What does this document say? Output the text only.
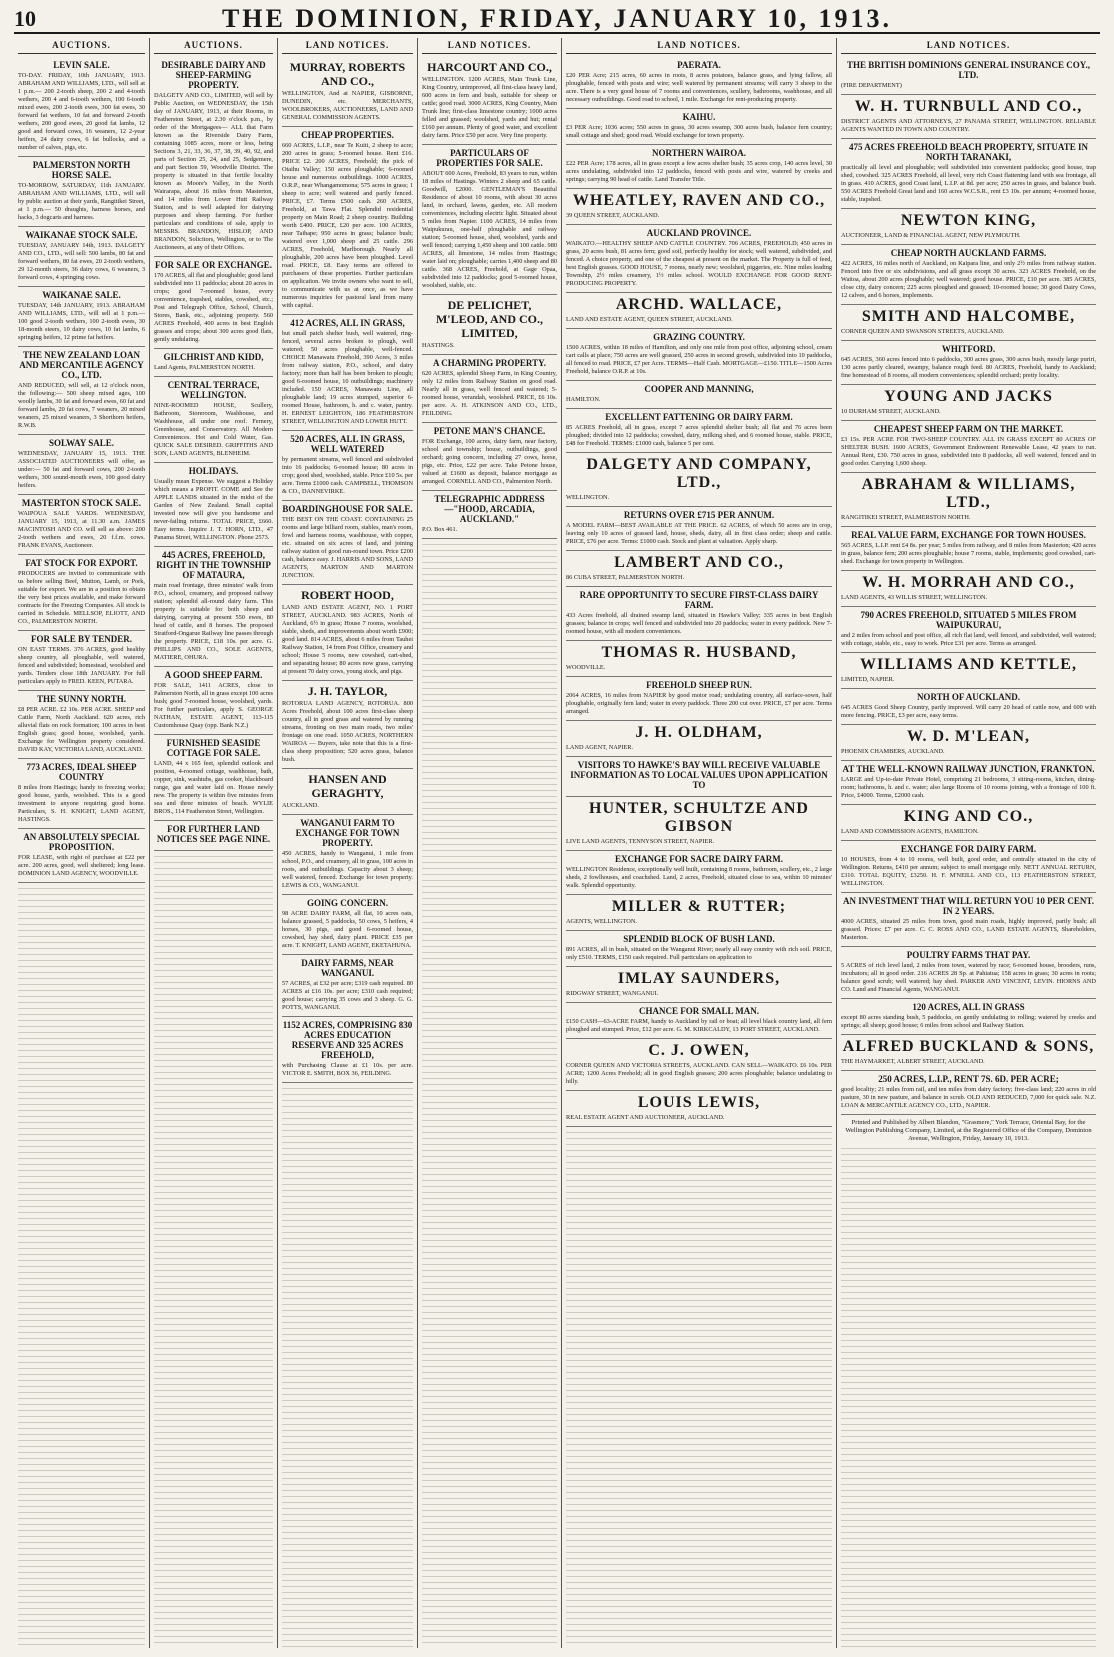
10	THE DOMINION, FRIDAY, JANUARY 10, 1913.
AUCTIONS.
LEVIN SALE.
TO-DAY. FRIDAY, 10th JANUARY, 1913. ABRAHAM AND WILLIAMS, LTD., will sell at 1 p.m.— 200 2-tooth sheep, 200 2 and 4-tooth wethers, 200 4 and 6-tooth wethers, 100 6-tooth mixed ewes, 200 2-tooth ewes, 300 fat ewes, 30 forward fat wethers, 10 fat and forward 2-tooth wethers, 200 good ewes, 20 good fat lambs, 12 good and forward cows, 16 weaners, 12 2-year heifers, 24 dairy cows, 6 fat bullocks, and a number of calves, pigs, etc.
PALMERSTON NORTH HORSE SALE.
TO-MORROW, SATURDAY, 11th JANUARY. ABRAHAM AND WILLIAMS, LTD., will sell by public auction at their yards, Rangitikei Street, at 1 p.m.— 50 draughts, harness horses, and hacks, 3 dogcarts and harness.
WAIKANAE STOCK SALE.
TUESDAY, JANUARY 14th, 1913. DALGETY AND CO., LTD., will sell: 500 lambs, 80 fat and forward wethers, 80 fat ewes, 20 2-tooth wethers, 29 12-month steers, 36 dairy cows, 6 weaners, 3 forward cows, 4 springing cows.
WAIKANAE SALE.
TUESDAY, 14th JANUARY, 1913. ABRAHAM AND WILLIAMS, LTD., will sell at 1 p.m.— 100 good 2-tooth wethers, 100 2-tooth ewes, 30 18-month steers, 10 dairy cows, 10 fat lambs, 6 springing heifers, 12 prime fat heifers.
THE NEW ZEALAND LOAN AND MERCANTILE AGENCY CO., LTD.
AND REDUCED, will sell, at 12 o'clock noon, the following:— 500 sheep mixed ages, 100 woolly lambs, 30 fat and forward ewes, 60 fat and forward lambs, 20 fat cows, 7 weaners, 20 mixed weaners, 25 mixed weaners, 3 Shorthorn heifers, R.W.B.
SOLWAY SALE.
WEDNESDAY, JANUARY 15, 1913. THE ASSOCIATED AUCTIONEERS will offer, as under:— 50 fat and forward cows, 200 2-tooth wethers, 300 sound-mouth ewes, 100 good dairy heifers.
MASTERTON STOCK SALE.
WAIPOUA SALE YARDS. WEDNESDAY, JANUARY 15, 1913, at 11.30 a.m. JAMES MACINTOSH AND CO. will sell as above: 200 2-tooth wethers and ewes, 20 f.f.m. cows. FRANK EVANS, Auctioneer.
FAT STOCK FOR EXPORT.
PRODUCERS are invited to communicate with us before selling Beef, Mutton, Lamb, or Pork, suitable for export. We are in a position to obtain the very best prices available, and make forward contracts for the Freezing Companies. All stock is carried in Schedule. MELLSOP, ELIOTT, AND CO., PALMERSTON NORTH.
FOR SALE BY TENDER.
ON EAST TERMS. 376 ACRES, good healthy sheep country, all ploughable, well watered, fenced and subdivided; homestead, woolshed and yards. Tenders close 18th JANUARY. For full particulars apply to FRED. KEEN, PUTARA.
THE SUNNY NORTH.
£8 PER ACRE. £2 10s. PER ACRE. SHEEP and Cattle Farm, North Auckland. 620 acres, rich alluvial flats on rock formation; 100 acres in best English grass; good house, woolshed, yards. Exchange for Wellington property considered. DAVID KAY, VICTORIA LAND, AUCKLAND.
773 ACRES, IDEAL SHEEP COUNTRY
8 miles from Hastings; handy to freezing works; good house, yards, woolshed. This is a good investment to anyone requiring good home. Particulars, S. H. KNIGHT, LAND AGENT, HASTINGS.
AN ABSOLUTELY SPECIAL PROPOSITION.
FOR LEASE, with right of purchase at £22 per acre. 200 acres, good, well sheltered; long lease. DOMINION LAND AGENCY, WOODVILLE.
AUCTIONS.
DESIRABLE DAIRY AND SHEEP-FARMING PROPERTY.
DALGETY AND CO., LIMITED, will sell by Public Auction, on WEDNESDAY, the 15th day of JANUARY, 1913, at their Rooms, in Featherston Street, at 2.30 o'clock p.m., by order of the Mortgagees— ALL that Farm known as the Riverside Dairy Farm, containing 1085 acres, more or less, being Sections 3, 21, 33, 36, 37, 38, 39, 40, 92, and parts of Section 25, 24, and 25, Sedgemere, and part Section 59, Woodville District. The property is situated in that fertile locality known as Moore's Valley, in the North Wairarapa, about 16 miles from Masterton, and 14 miles from Lower Hutt Railway Station, and is well adapted for dairying purposes and sheep farming. For further particulars and conditions of sale, apply to MESSRS. BRANDON, HISLOP, AND BRANDON, Solicitors, Wellington, or to The Auctioneers, at any of their Offices.
FOR SALE OR EXCHANGE.
170 ACRES, all flat and ploughable; good land subdivided into 11 paddocks; about 20 acres in crops; good 7-roomed house, every convenience, trapshed, stables, cowshed, etc.; Post and Telegraph Office, School, Church, Stores, Bank, etc., adjoining property. 560 ACRES Freehold, 400 acres in best English grasses and crops; about 300 acres good flats, gently undulating.
GILCHRIST AND KIDD,
Land Agents, PALMERSTON NORTH.
CENTRAL TERRACE, WELLINGTON.
NINE-ROOMED HOUSE, Scullery, Bathroom, Storeroom, Washhouse, and Washhouse, all under one roof. Fernery, Greenhouse, and Conservatory. All Modern Conveniences. Hot and Cold Water, Gas. QUICK SALE DESIRED. GRIFFITHS AND SON, LAND AGENTS, BLENHEIM.
HOLIDAYS.
Usually mean Expense. We suggest a Holiday which means a PROFIT. COME and See the APPLE LANDS situated in the midst of the Garden of New Zealand. Small capital invested now will give you handsome and never-failing returns. TOTAL PRICE, £660. Easy terms. Inquire J. T. HORN, LTD., 47 Panama Street, WELLINGTON. Phone 2573.
445 ACRES, FREEHOLD, RIGHT IN THE TOWNSHIP OF MATAURA,
main road frontage, three minutes' walk from P.O., school, creamery, and proposed railway station; splendid all-round dairy farm. This property is suitable for both sheep and dairying, carrying at present 550 ewes, 80 head of cattle, and 8 horses. The proposed Stratford-Ongarue Railway line passes through the property. PRICE, £18 10s. per acre. G. PHILLIPS AND CO., SOLE AGENTS, MATIERE, OHURA.
A GOOD SHEEP FARM.
FOR SALE, 1411 ACRES, close to Palmerston North, all in grass except 100 acres bush; good 7-roomed house, woolshed, yards. For further particulars, apply S. GEORGE NATHAN, ESTATE AGENT, 113-115 Customhouse Quay (opp. Bank N.Z.)
FURNISHED SEASIDE COTTAGE FOR SALE.
LAND, 44 x 165 feet, splendid outlook and position, 4-roomed cottage, washhouse, bath, copper, sink, washtubs, gas cooker, blackboard range, gas and water laid on. House newly new. The property is within five minutes from sea and three minutes of beach. WYLIE BROS., 114 Featherston Street, Wellington.
FOR FURTHER LAND NOTICES SEE PAGE NINE.
LAND NOTICES.
MURRAY, ROBERTS AND CO.,
WELLINGTON, And at NAPIER, GISBORNE, DUNEDIN, etc. MERCHANTS, WOOLBROKERS, AUCTIONEERS, LAND AND GENERAL COMMISSION AGENTS.
CHEAP PROPERTIES.
660 ACRES, L.I.P., near Te Kuiti, 2 sheep to acre; 200 acres in grass; 5-roomed house. Rent £16. PRICE £2. 200 ACRES, Freehold; the pick of Otaihu Valley; 150 acres ploughable; 6-roomed house and numerous outbuildings. 1000 ACRES, O.R.P., near Whangamomona; 575 acres in grass; 1 sheep to acre; well watered and partly fenced. PRICE, £7. Terms £500 cash. 260 ACRES, Freehold, at Tawa Flat. Splendid residential property on Main Road; 2 sheep country. Building worth £400. PRICE, £20 per acre. 100 ACRES, near Taihape; 950 acres in grass; balance bush; watered over 1,000 sheep and 25 cattle. 296 ACRES, Freehold, Marlborough. Nearly all ploughable, 200 acres have been ploughed. Level road. PRICE, £8. Easy terms are offered to purchasers of these properties. Further particulars on application. We invite owners who want to sell, to communicate with us at once, as we have numerous inquiries for pastoral land from many with capital.
412 ACRES, ALL IN GRASS,
but small patch shelter bush, well watered, ring-fenced, several acres broken to plough, well watered; 50 acres ploughable, well-fenced. CHOICE Manawatu Freehold, 390 Acres, 3 miles from railway station, P.O., school, and dairy factory; more than half has been broken to plough; good 6-roomed house, 10 outbuildings; machinery included. 150 ACRES, Manawatu Line, all ploughable land; 19 acres stumped, superior 6-roomed House, bathroom, h. and c. water, pantry. H. ERNEST LEIGHTON, 186 FEATHERSTON STREET, WELLINGTON AND LOWER HUTT.
520 ACRES, ALL IN GRASS, WELL WATERED
by permanent streams, well fenced and subdivided into 16 paddocks; 6-roomed house; 80 acres in crop; good shed, woolshed, stable. Price £10 5s. per acre. Terms £1000 cash. CAMPBELL, THOMSON & CO., DANNEVIRKE.
BOARDINGHOUSE FOR SALE.
THE BEST ON THE COAST. CONTAINING 25 rooms and large billiard room, stables, man's room, fowl and harness rooms, washhouse, with copper, etc. situated on six acres of land, and joining railway station of good run-round town. Price £200 cash, balance easy. J. HARRIS AND SONS, LAND AGENTS, MARTON AND MARTON JUNCTION.
ROBERT HOOD,
LAND AND ESTATE AGENT, NO. 1 PORT STREET, AUCKLAND. 983 ACRES, North of Auckland, 6½ in grass; House 7 rooms, woolshed, stable, sheds, and improvements about worth £900; good land. 814 ACRES, about 6 miles from Tauhei Railway Station, 14 from Post Office, creamery and school; House 5 rooms, new cowshed, cart-shed, and separating house; 80 acres now grass, carrying at present 70 dairy cows, young stock, and pigs.
J. H. TAYLOR,
ROTORUA LAND AGENCY, ROTORUA. 800 Acres Freehold, about 100 acres first-class sheep country, all in good grass and watered by running streams, fronting on two main roads, two miles' frontage on one road. 1050 ACRES, NORTHERN WAIROA — Buyers, take note that this is a first-class sheep proposition; 520 acres grass, balance bush.
HANSEN AND GERAGHTY,
AUCKLAND.
WANGANUI FARM TO EXCHANGE FOR TOWN PROPERTY.
450 ACRES, handy to Wanganui, 1 mile from school, P.O., and creamery, all in grass, 100 acres in roots, and outbuildings. Capacity about 3 sheep; well watered, fenced. Exchange for town property. LEWIS & CO., WANGANUI.
GOING CONCERN.
98 ACRE DAIRY FARM, all flat, 10 acres oats, balance grassed, 5 paddocks, 50 cows, 5 heifers, 4 horses, 30 pigs, and good 6-roomed house, cowshed, hay shed, dairy plant. PRICE £35 per acre. T. KNIGHT, LAND AGENT, EKETAHUNA.
DAIRY FARMS, NEAR WANGANUI.
57 ACRES, at £32 per acre; £319 cash required. 80 ACRES at £16 10s. per acre; £310 cash required; good house; carrying 35 cows and 3 sheep. G. G. POTTS, WANGANUI.
1152 ACRES, COMPRISING 830 ACRES EDUCATION RESERVE AND 325 ACRES FREEHOLD,
with Purchasing Clause at £1 10s. per acre. VICTOR E. SMITH, BOX 36, FEILDING.
LAND NOTICES.
HARCOURT AND CO.,
WELLINGTON. 1200 ACRES, Main Trunk Line, King Country, unimproved, all first-class heavy land, 600 acres in fern and bush, suitable for sheep or cattle; good road. 3000 ACRES, King Country, Main Trunk line; first-class limestone country; 1000 acres felled and grassed; woolshed, yards and hut; rental £160 per annum. Plenty of good water, and excellent dairy farm. Price £50 per acre. Very fine property.
PARTICULARS OF PROPERTIES FOR SALE.
ABOUT 600 Acres, Freehold, 83 years to run, within 18 miles of Hastings. Winters 2 sheep and 65 cattle. Goodwill, £2000. GENTLEMAN'S Beautiful Residence of about 10 rooms, with about 30 acres land, in orchard, lawns, garden, etc. All modern conveniences, including electric light. Situated about 5 miles from Napier. 1100 ACRES, 14 miles from Waipukurau, one-half ploughable and railway station; 5-roomed house, shed, woolshed, yards and well fenced; carrying 1,450 sheep and 100 cattle. 980 ACRES, all limestone, 14 miles from Hastings; water laid on; ploughable; carries 1,400 sheep and 80 cattle. 368 ACRES, Freehold, at Gage Opaa, subdivided into 12 paddocks; good 5-roomed house, woolshed, stable, etc.
DE PELICHET, M'LEOD, AND CO., LIMITED,
HASTINGS.
A CHARMING PROPERTY.
620 ACRES, splendid Sheep Farm, in King Country, only 12 miles from Railway Station on good road. Nearly all in grass, well fenced and watered; 5-roomed house, verandah, woolshed. PRICE, £6 10s. per acre. A. H. ATKINSON AND CO., LTD., FEILDING.
PETONE MAN'S CHANCE.
FOR Exchange, 100 acres, dairy farm, near factory, school and township; house, outbuildings, good orchard; going concern, including 27 cows, horse, pigs, etc. Price, £22 per acre. Take Petone house, valued at £1600 as deposit, balance mortgage as arranged. CORNELL AND CO., Palmerston North.
TELEGRAPHIC ADDRESS—"HOOD, ARCADIA, AUCKLAND."
P.O. Box 461.
LAND NOTICES.
PAERATA.
£20 PER Acre; 215 acres, 60 acres in roots, 8 acres potatoes, balance grass, and lying fallow, all ploughable, fenced with posts and wire; well watered by permanent streams; will carry 3 sheep to the acre. There is a very good house of 7 rooms and conveniences, scullery, bathrooms, washhouse, and all necessary outbuildings. Good road to school, 1 mile. Exchange for rent-producing property.
KAIHU.
£3 PER Acre; 1036 acres; 550 acres in grass, 30 acres swamp, 300 acres bush, balance fern country; small cottage and shed; good road. Would exchange for town property.
NORTHERN WAIROA.
£22 PER Acre; 178 acres, all in grass except a few acres shelter bush; 35 acres crop, 140 acres level, 30 acres undulating, subdivided into 12 paddocks, fenced with posts and wire, watered by creeks and springs; carrying 90 head of cattle. Land Transfer Title.
WHEATLEY, RAVEN AND CO.,
39 QUEEN STREET, AUCKLAND.
AUCKLAND PROVINCE.
WAIKATO.—HEALTHY SHEEP AND CATTLE COUNTRY. 706 ACRES, FREEHOLD; 450 acres in grass, 20 acres bush, 81 acres fern; good soil, perfectly healthy for stock; well watered, subdivided, and fenced. A choice property, and one of the cheapest at present on the market. The Property is full of feed, best English grasses. GOOD HOUSE, 7 rooms, nearly new; woolshed, piggeries, etc. Nine miles leading Township, 2½ miles creamery, 1½ miles school. WOULD EXCHANGE FOR GOOD RENT-PRODUCING PROPERTY.
ARCHD. WALLACE,
LAND AND ESTATE AGENT, QUEEN STREET, AUCKLAND.
GRAZING COUNTRY.
1500 ACRES, within 18 miles of Hamilton, and only one mile from post office, adjoining school, cream cart calls at place; 750 acres are well grassed, 250 acres in second growth, subdivided into 10 paddocks, all fenced to road. PRICE, £7 per Acre. TERMS—Half Cash. MORTGAGE—£150. TITLE—1500 Acres Freehold, balance O.R.P. at 10s.
COOPER AND MANNING,
HAMILTON.
EXCELLENT FATTENING OR DAIRY FARM.
85 ACRES Freehold, all in grass, except 7 acres splendid shelter bush; all flat and 76 acres been ploughed; divided into 12 paddocks; cowshed, dairy, milking shed, and 6 roomed house, stable. PRICE, £48 for Freehold. TERMS: £1000 cash, balance 5 per cent.
DALGETY AND COMPANY, LTD.,
WELLINGTON.
RETURNS OVER £715 PER ANNUM.
A MODEL FARM—BEST AVAILABLE AT THE PRICE. 62 ACRES, of which 50 acres are in crop, leaving only 10 acres of grassed land, house, sheds, dairy, all in first class order; sheep and cattle. PRICE, £76 per acre. Terms: £1000 cash. Stock and plant at valuation. Apply sharp.
LAMBERT AND CO.,
86 CUBA STREET, PALMERSTON NORTH.
RARE OPPORTUNITY TO SECURE FIRST-CLASS DAIRY FARM.
433 Acres freehold, all drained swamp land, situated in Hawke's Valley; 335 acres in best English grasses; balance in crops; well fenced and subdivided into 20 paddocks; water in every paddock. New 7-roomed house, with all modern conveniences.
THOMAS R. HUSBAND,
WOODVILLE.
FREEHOLD SHEEP RUN.
2064 ACRES, 16 miles from NAPIER by good motor road; undulating country, all surface-sown, half ploughable, originally fern land; water in every paddock. Three 200 cut over. PRICE, £7 per acre. Terms arranged.
J. H. OLDHAM,
LAND AGENT, NAPIER.
VISITORS TO HAWKE'S BAY WILL RECEIVE VALUABLE INFORMATION AS TO LOCAL VALUES UPON APPLICATION TO
HUNTER, SCHULTZE AND GIBSON
LIVE LAND AGENTS, TENNYSON STREET, NAPIER.
EXCHANGE FOR SACRE DAIRY FARM.
WELLINGTON Residence, exceptionally well built, containing 8 rooms, bathroom, scullery, etc., 2 large sheds, 2 fowlhouses, and coachshed. Land, 2 acres, Freehold, situated close to sea, within 10 minutes' walk. Splendid opportunity.
MILLER & RUTTER;
AGENTS, WELLINGTON.
SPLENDID BLOCK OF BUSH LAND.
891 ACRES, all in bush, situated on the Wanganui River; nearly all easy country with rich soil. PRICE, only £510. TERMS, £150 cash required. Full particulars on application to
IMLAY SAUNDERS,
RIDGWAY STREET, WANGANUI.
CHANCE FOR SMALL MAN.
£150 CASH—63-ACRE FARM, handy to Auckland by rail or boat; all level black country land, all fern ploughed and stumped. Price, £12 per acre. G. M. KIRKCALDY, 13 PORT STREET, AUCKLAND.
C. J. OWEN,
CORNER QUEEN AND VICTORIA STREETS, AUCKLAND. CAN SELL—WAIKATO. £6 10s. PER ACRE; 1200 Acres Freehold; all in good English grasses; 200 acres ploughable; balance undulating to hilly.
LOUIS LEWIS,
REAL ESTATE AGENT AND AUCTIONEER, AUCKLAND.
LAND NOTICES.
THE BRITISH DOMINIONS GENERAL INSURANCE COY., LTD.
(FIRE DEPARTMENT)
W. H. TURNBULL AND CO.,
DISTRICT AGENTS AND ATTORNEYS, 27 PANAMA STREET, WELLINGTON. RELIABLE AGENTS WANTED IN TOWN AND COUNTRY.
475 ACRES FREEHOLD BEACH PROPERTY, SITUATE IN NORTH TARANAKI,
practically all level and ploughable; well subdivided into convenient paddocks; good house, trap shed, cowshed. 325 ACRES Freehold, all level, very rich Coast flattening land with sea frontage, all in grass. 410 ACRES, good Coast land, L.I.P. at 8d. per acre; 250 acres in grass, and balance bush. 550 ACRES Freehold Great land and 160 acres W.C.S.R., rent £3 10s. per annum; 4-roomed house, stable, trapshed.
NEWTON KING,
AUCTIONEER, LAND & FINANCIAL AGENT, NEW PLYMOUTH.
CHEAP NORTH AUCKLAND FARMS.
422 ACRES, 16 miles north of Auckland, on Kaipara line, and only 2½ miles from railway station. Fenced into five or six subdivisions, and all grass except 30 acres. 323 ACRES Freehold, on the Waitoa, about 200 acres ploughable; well watered; good house. PRICE, £10 per acre. 385 ACRES, close city, dairy concern; 225 acres ploughed and grassed; 10-roomed house; 30 good Dairy Cows, 12 calves, and 6 horses, implements.
SMITH AND HALCOMBE,
CORNER QUEEN AND SWANSON STREETS, AUCKLAND.
WHITFORD.
645 ACRES, 360 acres fenced into 6 paddocks, 300 acres grass, 300 acres bush, mostly large puriri, 130 acres partly cleared, swampy, balance rough feed. 80 ACRES, Freehold, handy to Auckland; fine homestead of 8 rooms, all modern conveniences; splendid orchard; pretty locality.
YOUNG AND JACKS
10 DURHAM STREET, AUCKLAND.
CHEAPEST SHEEP FARM ON THE MARKET.
£3 15s. PER ACRE FOR TWO-SHEEP COUNTRY. ALL IN GRASS EXCEPT 80 ACRES OF SHELTER BUSH. 1600 ACRES, Government Endowment Renewable Lease, 42 years to run. Annual Rent, £30. 750 acres in grass, subdivided into 8 paddocks, all well watered, fenced and in good order. Carrying 1,600 sheep.
ABRAHAM & WILLIAMS, LTD.,
RANGITIKEI STREET, PALMERSTON NORTH.
REAL VALUE FARM, EXCHANGE FOR TOWN HOUSES.
565 ACRES, L.I.P. rent £4 8s. per year; 5 miles from railway, and 8 miles from Masterton; 420 acres in grass, balance fern; 200 acres ploughable; house 7 rooms, stable, implements; good cowshed, cart-shed. Exchange for town property in Wellington.
W. H. MORRAH AND CO.,
LAND AGENTS, 43 WILLIS STREET, WELLINGTON.
790 ACRES FREEHOLD, SITUATED 5 MILES FROM WAIPUKURAU,
and 2 miles from school and post office, all rich flat land, well fenced, and subdivided, well watered; with cottage, stable, etc., easy to work. Price £31 per acre. Terms as arranged.
WILLIAMS AND KETTLE,
LIMITED, NAPIER.
NORTH OF AUCKLAND.
645 ACRES Good Sheep Country, partly improved. Will carry 20 head of cattle now, and 600 with more fencing. PRICE, £3 per acre, easy terms.
W. D. M'LEAN,
PHOENIX CHAMBERS, AUCKLAND.
AT THE WELL-KNOWN RAILWAY JUNCTION, FRANKTON.
LARGE and Up-to-date Private Hotel, comprising 21 bedrooms, 3 sitting-rooms, kitchen, dining-room; bathrooms, h. and c. water; also large Rooms of 10 rooms joining, with a frontage of 100 ft. Price, £4000. Terms, £2000 cash.
KING AND CO.,
LAND AND COMMISSION AGENTS, HAMILTON.
EXCHANGE FOR DAIRY FARM.
10 HOUSES, from 4 to 10 rooms, well built, good order, and centrally situated in the city of Wellington. Returns, £410 per annum; subject to small mortgage only. NETT ANNUAL RETURN, £310. TOTAL EQUITY, £3250. H. F. M'NEILL AND CO., 113 FEATHERSTON STREET, WELLINGTON.
AN INVESTMENT THAT WILL RETURN YOU 10 PER CENT. IN 2 YEARS.
4000 ACRES, situated 25 miles from town, good main roads, highly improved, partly bush; all grassed. Prices: £7 per acre. C. C. ROSS AND CO., LAND ESTATE AGENTS, Shareholders, Masterton.
POULTRY FARMS THAT PAY.
5 ACRES of rich level land, 2 miles from town, watered by race; 6-roomed house, brooders, runs, incubators; all in good order. 216 ACRES 28 Sp. at Pahiatua; 158 acres in grass; 30 acres in roots; balance good scrub; well watered; hay shed. PARKER AND VINCENT, LEVIN. HIORNS AND CO. Land and Financial Agents, WANGANUI.
120 ACRES, ALL IN GRASS
except 80 acres standing bush, 5 paddocks, on gently undulating to rolling; watered by creeks and springs; all sheep; good house; 6 miles from school and Railway Station.
ALFRED BUCKLAND & SONS,
THE HAYMARKET, ALBERT STREET, AUCKLAND.
250 ACRES, L.I.P., RENT 7S. 6D. PER ACRE;
good locality; 21 miles from rail, and ten miles from dairy factory; five-class land; 220 acres in old pasture, 30 in new pasture, and balance in scrub. OLD AND REDUCED, 7,000 for quick sale. N.Z. LOAN & MERCANTILE AGENCY CO., LTD., NAPIER.
Printed and Published by Albert Blandon, "Grasmere," York Terrace, Oriental Bay, for the Wellington Publishing Company, Limited, at the Registered Office of the Company, Dominion Avenue, Wellington, Friday, January 10, 1913.
